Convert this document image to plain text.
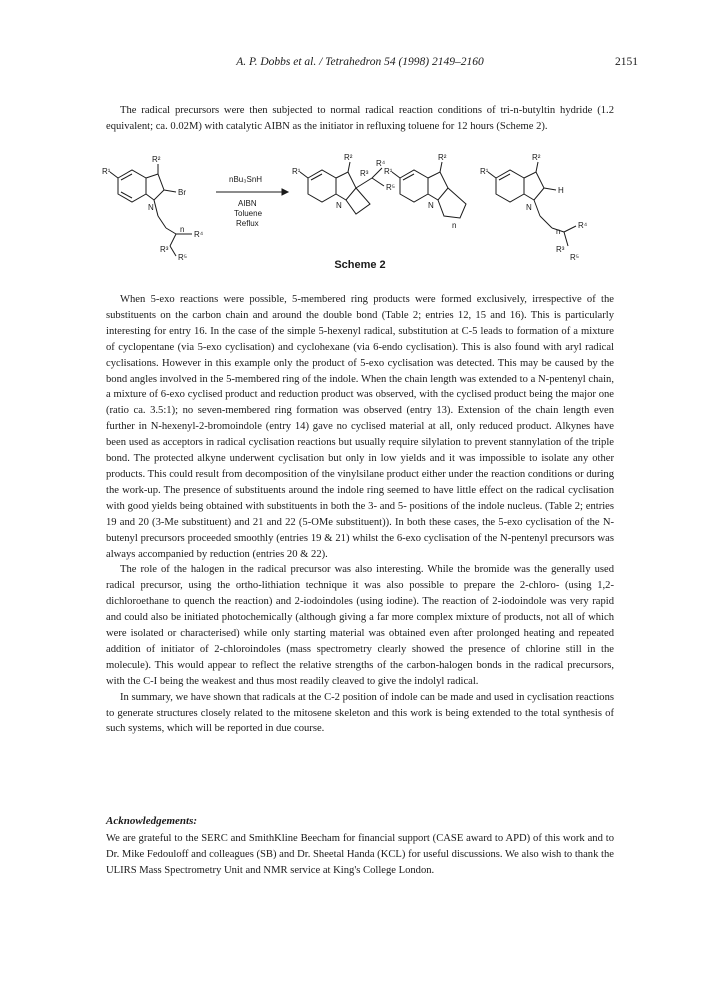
A. P. Dobbs et al. / Tetrahedron 54 (1998) 2149–2160	2151

The radical precursors were then subjected to normal radical reaction conditions of tri-n-butyltin hydride (1.2 equivalent; ca. 0.02M) with catalytic AIBN as the initiator in refluxing toluene for 12 hours (Scheme 2).

R¹
R²
Br
N
n
R⁴
R³
R⁵
nBu₃SnH
AIBN
Toluene
Reflux
R¹
R²
R³
R⁴
R⁵
N
R¹
R²
N
n
R¹
R²
H
N
n
R⁴
R³
R⁵
Scheme 2

When 5-exo reactions were possible, 5-membered ring products were formed exclusively, irrespective of the substituents on the carbon chain and around the double bond (Table 2; entries 12, 15 and 16). This is particularly interesting for entry 16. In the case of the simple 5-hexenyl radical, substitution at C-5 leads to formation of a mixture of cyclopentane (via 5-exo cyclisation) and cyclohexane (via 6-endo cyclisation). This is also found with aryl radical cyclisations. However in this example only the product of 5-exo cyclisation was detected. This may be caused by the bond angles involved in the 5-membered ring of the indole. When the chain length was extended to a N-pentenyl chain, a mixture of 6-exo cyclised product and reduction product was observed, with the cyclised product being the major one (ratio ca. 3.5:1); no seven-membered ring formation was observed (entry 13). Extension of the chain length even further in N-hexenyl-2-bromoindole (entry 14) gave no cyclised material at all, only reduced product. Alkynes have been used as acceptors in radical cyclisation reactions but usually require silylation to prevent stannylation of the triple bond. The protected alkyne underwent cyclisation but only in low yields and it was impossible to isolate any other products. This could result from decomposition of the vinylsilane product either under the reaction conditions or during the work-up. The presence of substituents around the indole ring seemed to have little effect on the radical cyclisation with good yields being obtained with substituents in both the 3- and 5- positions of the indole nucleus. (Table 2; entries 19 and 20 (3-Me substituent) and 21 and 22 (5-OMe substituent)). In both these cases, the 5-exo cyclisation of the N-butenyl precursors proceeded smoothly (entries 19 & 21) whilst the 6-exo cyclisation of the N-pentenyl precursors was always accompanied by reduction (entries 20 & 22).

The role of the halogen in the radical precursor was also interesting. While the bromide was the generally used radical precursor, using the ortho-lithiation technique it was also possible to prepare the 2-chloro- (using 1,2-dichloroethane to quench the reaction) and 2-iodoindoles (using iodine). The reaction of 2-iodoindole was very rapid and could also be initiated photochemically (although giving a far more complex mixture of products, not all of which were isolated or characterised) while only starting material was obtained even after prolonged heating and repeated addition of initiator of 2-chloroindoles (mass spectrometry clearly showed the presence of chlorine still in the molecule). This would appear to reflect the relative strengths of the carbon-halogen bonds in the radical precursors, with the C-I being the weakest and thus most readily cleaved to give the indolyl radical.

In summary, we have shown that radicals at the C-2 position of indole can be made and used in cyclisation reactions to generate structures closely related to the mitosene skeleton and this work is being extended to the total synthesis of such systems, which will be reported in due course.

Acknowledgements:

We are grateful to the SERC and SmithKline Beecham for financial support (CASE award to APD) of this work and to Dr. Mike Fedouloff and colleagues (SB) and Dr. Sheetal Handa (KCL) for useful discussions. We also wish to thank the ULIRS Mass Spectrometry Unit and NMR service at King's College London.
